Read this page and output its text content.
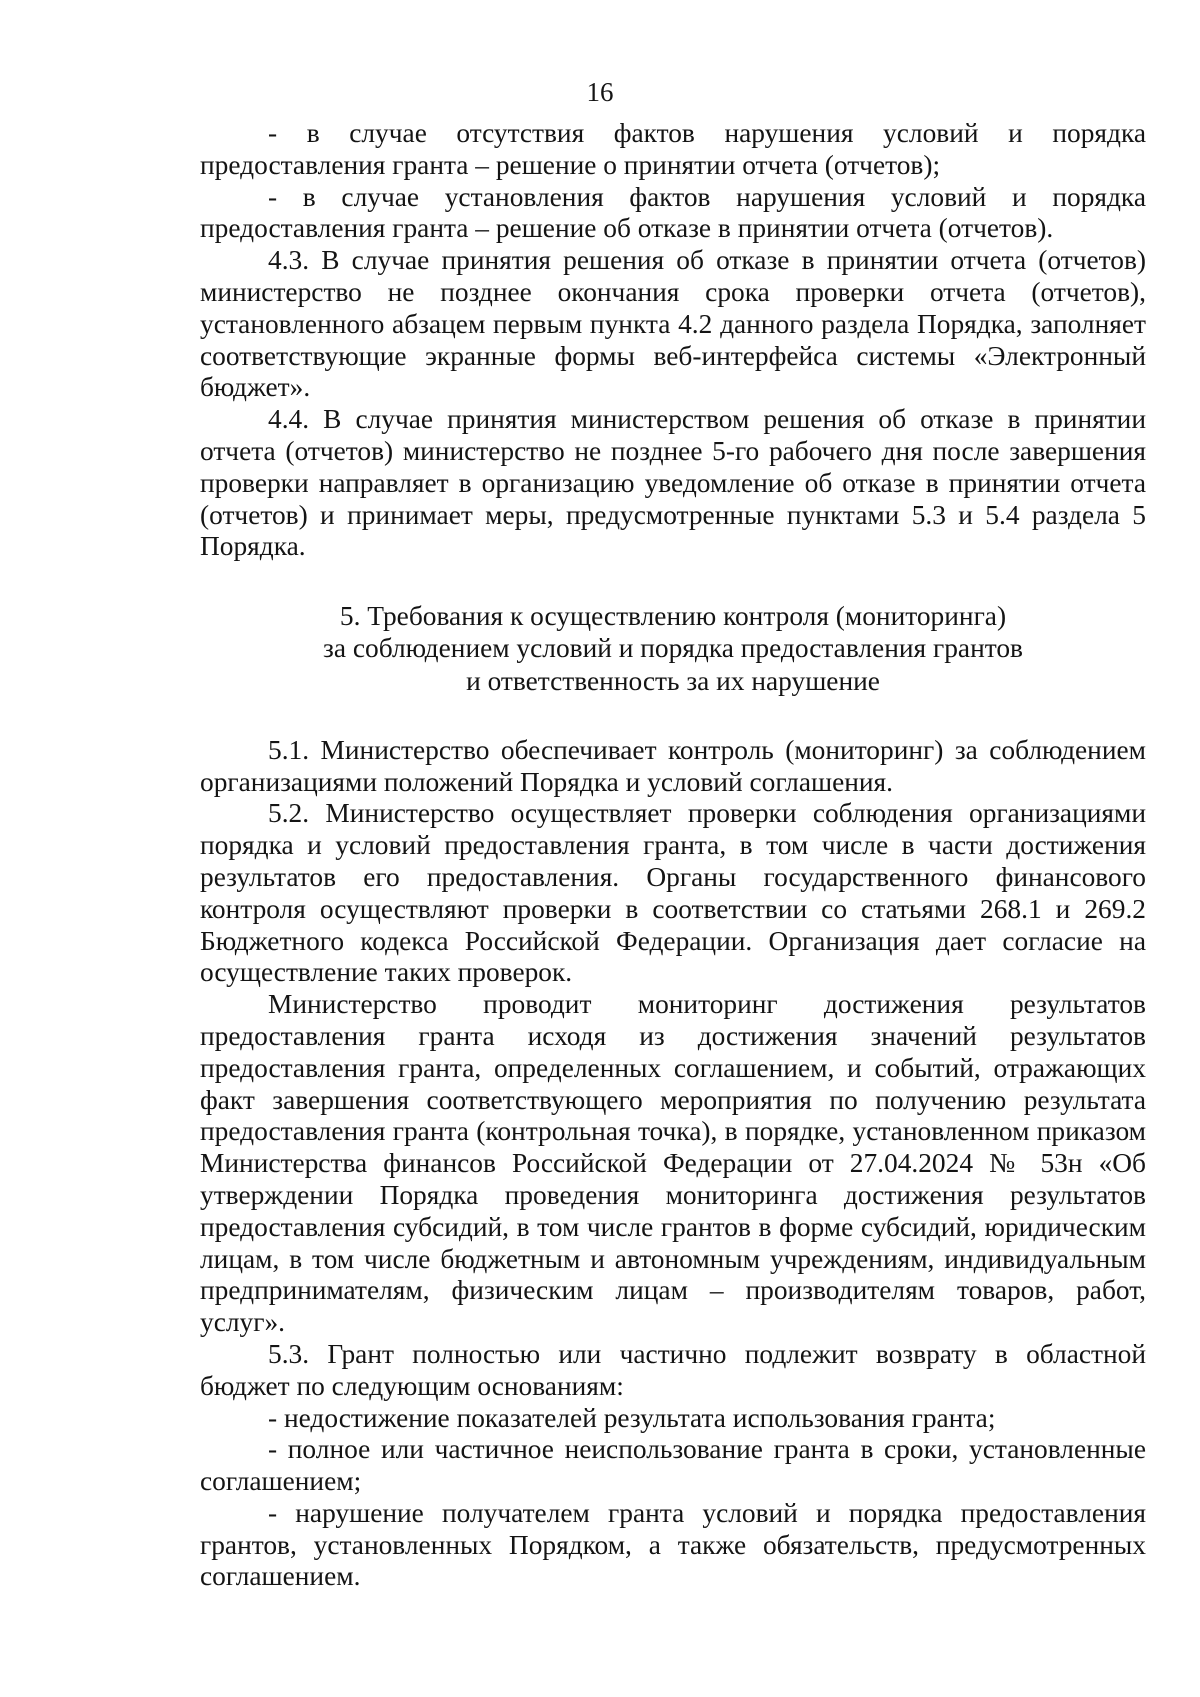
16

- в случае отсутствия фактов нарушения условий и порядка предоставления гранта – решение о принятии отчета (отчетов);

- в случае установления фактов нарушения условий и порядка предоставления гранта – решение об отказе в принятии отчета (отчетов).

4.3. В случае принятия решения об отказе в принятии отчета (отчетов) министерство не позднее окончания срока проверки отчета (отчетов), установленного абзацем первым пункта 4.2 данного раздела Порядка, заполняет соответствующие экранные формы веб-интерфейса системы «Электронный бюджет».

4.4. В случае принятия министерством решения об отказе в принятии отчета (отчетов) министерство не позднее 5-го рабочего дня после завершения проверки направляет в организацию уведомление об отказе в принятии отчета (отчетов) и принимает меры, предусмотренные пунктами 5.3 и 5.4 раздела 5 Порядка.

5. Требования к осуществлению контроля (мониторинга)
за соблюдением условий и порядка предоставления грантов
и ответственность за их нарушение

5.1. Министерство обеспечивает контроль (мониторинг) за соблюдением организациями положений Порядка и условий соглашения.

5.2. Министерство осуществляет проверки соблюдения организациями порядка и условий предоставления гранта, в том числе в части достижения результатов его предоставления. Органы государственного финансового контроля осуществляют проверки в соответствии со статьями 268.1 и 269.2 Бюджетного кодекса Российской Федерации. Организация дает согласие на осуществление таких проверок.

Министерство проводит мониторинг достижения результатов предоставления гранта исходя из достижения значений результатов предоставления гранта, определенных соглашением, и событий, отражающих факт завершения соответствующего мероприятия по получению результата предоставления гранта (контрольная точка), в порядке, установленном приказом Министерства финансов Российской Федерации от 27.04.2024 № 53н «Об утверждении Порядка проведения мониторинга достижения результатов предоставления субсидий, в том числе грантов в форме субсидий, юридическим лицам, в том числе бюджетным и автономным учреждениям, индивидуальным предпринимателям, физическим лицам – производителям товаров, работ, услуг».

5.3. Грант полностью или частично подлежит возврату в областной бюджет по следующим основаниям:

- недостижение показателей результата использования гранта;

- полное или частичное неиспользование гранта в сроки, установленные соглашением;

- нарушение получателем гранта условий и порядка предоставления грантов, установленных Порядком, а также обязательств, предусмотренных соглашением.
